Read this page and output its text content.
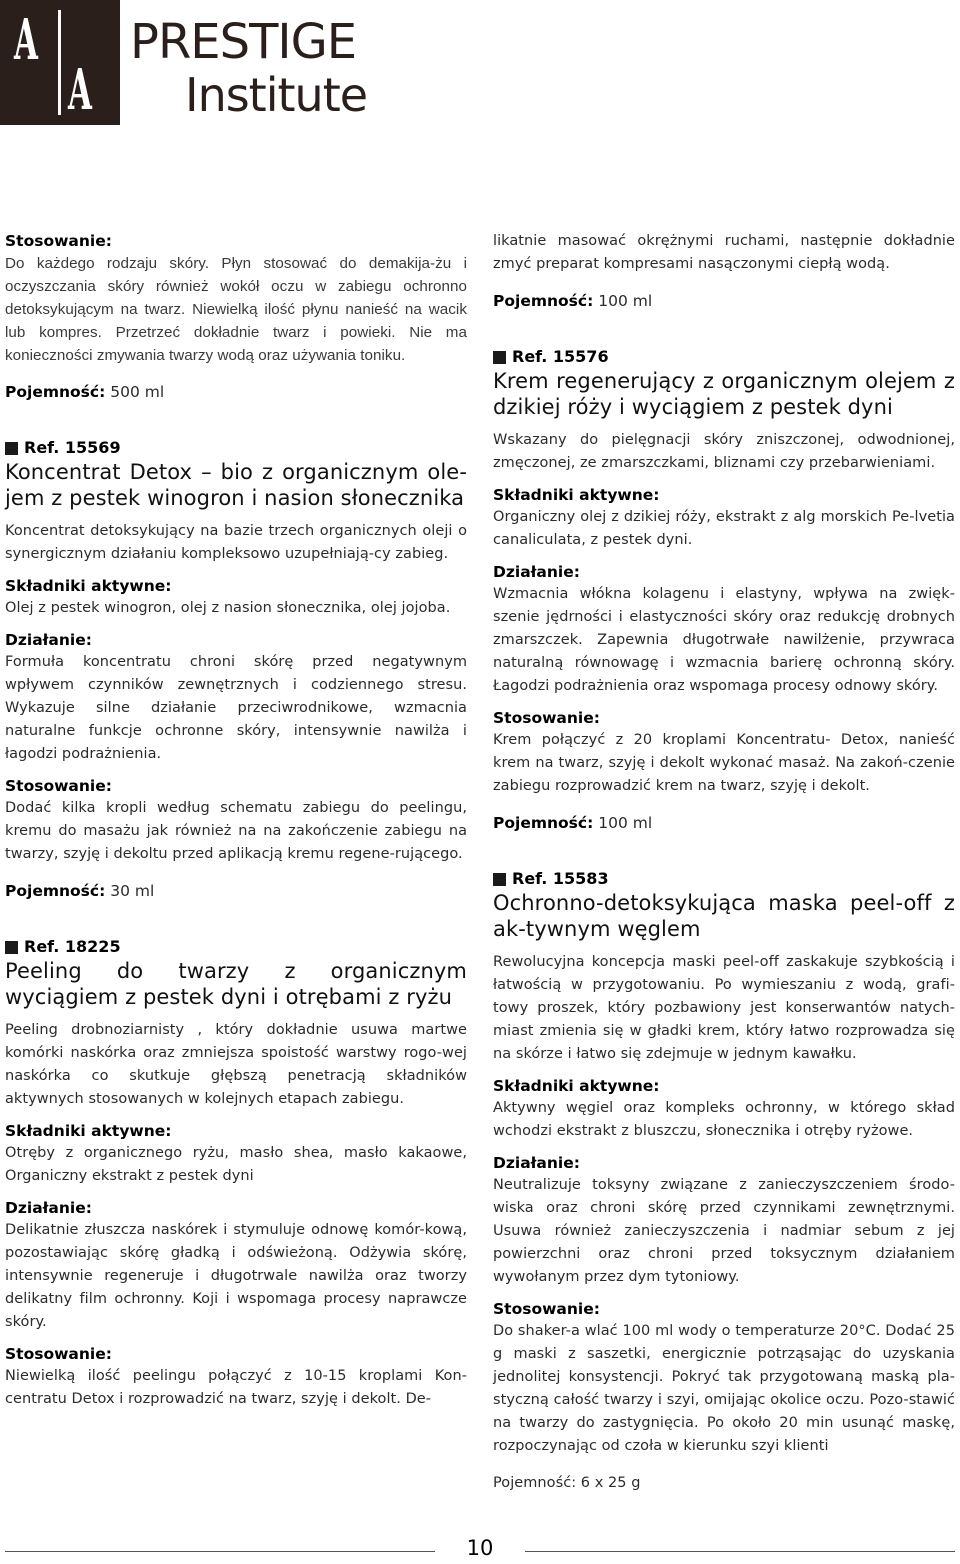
A
A
PRESTIGE
Institute

Stosowanie:

Do każdego rodzaju skóry. Płyn stosować do demakija-żu i oczyszczania skóry również wokół oczu w zabiegu ochronno detoksykującym na twarz. Niewielką ilość płynu nanieść na wacik lub kompres. Przetrzeć dokładnie twarz i powieki. Nie ma konieczności zmywania twarzy wodą oraz używania toniku.

Pojemność: 500 ml

Ref. 15569

Koncentrat Detox – bio z organicznym ole-jem z pestek winogron i nasion słonecznika

Koncentrat detoksykujący na bazie trzech organicznych oleji o synergicznym działaniu kompleksowo uzupełniają-cy zabieg.

Składniki aktywne:

Olej z pestek winogron, olej z nasion słonecznika, olej jojoba.

Działanie:

Formuła koncentratu chroni skórę przed negatywnym wpływem czynników zewnętrznych i codziennego stresu. Wykazuje silne działanie przeciwrodnikowe, wzmacnia naturalne funkcje ochronne skóry, intensywnie nawilża i łagodzi podrażnienia.

Stosowanie:

Dodać kilka kropli według schematu zabiegu do peelingu, kremu do masażu jak również na na zakończenie zabiegu na twarzy, szyję i dekoltu przed aplikacją kremu regene-rującego.

Pojemność: 30 ml

Ref. 18225

Peeling do twarzy z organicznym wyciągiem z pestek dyni i otrębami z ryżu

Peeling drobnoziarnisty , który dokładnie usuwa martwe komórki naskórka oraz zmniejsza spoistość warstwy rogo-wej naskórka co skutkuje głębszą penetracją składników aktywnych stosowanych w kolejnych etapach zabiegu.

Składniki aktywne:

Otręby z organicznego ryżu, masło shea, masło kakaowe, Organiczny ekstrakt z pestek dyni

Działanie:

Delikatnie złuszcza naskórek i stymuluje odnowę komór-kową, pozostawiając skórę gładką i odświeżoną. Odżywia skórę, intensywnie regeneruje i długotrwale nawilża oraz tworzy delikatny film ochronny. Koji i wspomaga procesy naprawcze skóry.

Stosowanie:

Niewielką ilość peelingu połączyć z 10-15 kroplami Kon-centratu Detox i rozprowadzić na twarz, szyję i dekolt. De-

likatnie masować okrężnymi ruchami, następnie dokładnie zmyć preparat kompresami nasączonymi ciepłą wodą.

Pojemność: 100 ml

Ref. 15576

Krem regenerujący z organicznym olejem z dzikiej róży i wyciągiem z pestek dyni

Wskazany do pielęgnacji skóry zniszczonej, odwodnionej, zmęczonej, ze zmarszczkami, bliznami czy przebarwieniami.

Składniki aktywne:

Organiczny olej z dzikiej róży, ekstrakt z alg morskich Pe-lvetia canaliculata, z pestek dyni.

Działanie:

Wzmacnia włókna kolagenu i elastyny, wpływa na zwięk-szenie jędrności i elastyczności skóry oraz redukcję drobnych zmarszczek. Zapewnia długotrwałe nawilżenie, przywraca naturalną równowagę i wzmacnia barierę ochronną skóry. Łagodzi podrażnienia oraz wspomaga procesy odnowy skóry.

Stosowanie:

Krem połączyć z 20 kroplami Koncentratu- Detox, nanieść krem na twarz, szyję i dekolt wykonać masaż. Na zakoń-czenie zabiegu rozprowadzić krem na twarz, szyję i dekolt.

Pojemność: 100 ml

Ref. 15583

Ochronno-detoksykująca maska peel-off z ak-tywnym węglem

Rewolucyjna koncepcja maski peel-off zaskakuje szybkością i łatwością w przygotowaniu. Po wymieszaniu z wodą, grafi-towy proszek, który pozbawiony jest konserwantów natych-miast zmienia się w gładki krem, który łatwo rozprowadza się na skórze i łatwo się zdejmuje w jednym kawałku.

Składniki aktywne:

Aktywny węgiel oraz kompleks ochronny, w którego skład wchodzi ekstrakt z bluszczu, słonecznika i otręby ryżowe.

Działanie:

Neutralizuje toksyny związane z zanieczyszczeniem środo-wiska oraz chroni skórę przed czynnikami zewnętrznymi. Usuwa również zanieczyszczenia i nadmiar sebum z jej powierzchni oraz chroni przed toksycznym działaniem wywołanym przez dym tytoniowy.

Stosowanie:

Do shaker-a wlać 100 ml wody o temperaturze 20°C. Dodać 25 g maski z saszetki, energicznie potrząsając do uzyskania jednolitej konsystencji. Pokryć tak przygotowaną maską pla-styczną całość twarzy i szyi, omijając okolice oczu. Pozo-stawić na twarzy do zastygnięcia. Po około 20 min usunąć maskę, rozpoczynając od czoła w kierunku szyi klienti

Pojemność: 6 x 25 g

10
